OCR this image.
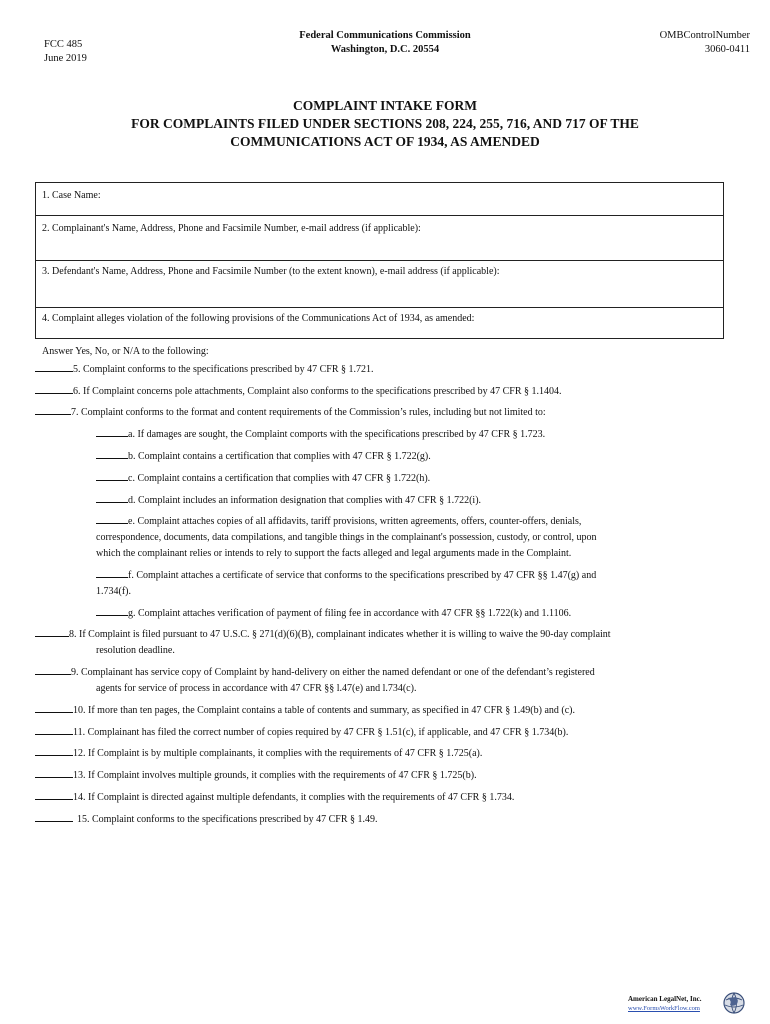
FCC 485
June 2019
Federal Communications Commission
Washington, D.C. 20554
OMBControlNumber
3060-0411
COMPLAINT INTAKE FORM
FOR COMPLAINTS FILED UNDER SECTIONS 208, 224, 255, 716, AND 717 OF THE
COMMUNICATIONS ACT OF 1934, AS AMENDED
1. Case Name:
2. Complainant's Name, Address, Phone and Facsimile Number, e-mail address (if applicable):
3. Defendant's Name, Address, Phone and Facsimile Number (to the extent known), e-mail address (if applicable):
4. Complaint alleges violation of the following provisions of the Communications Act of 1934, as amended:
Answer Yes, No, or N/A to the following:
5. Complaint conforms to the specifications prescribed by 47 CFR § 1.721.
6. If Complaint concerns pole attachments, Complaint also conforms to the specifications prescribed by 47 CFR § 1.1404.
7. Complaint conforms to the format and content requirements of the Commission’s rules, including but not limited to:
a. If damages are sought, the Complaint comports with the specifications prescribed by 47 CFR § 1.723.
b. Complaint contains a certification that complies with 47 CFR § 1.722(g).
c. Complaint contains a certification that complies with 47 CFR § 1.722(h).
d. Complaint includes an information designation that complies with 47 CFR § 1.722(i).
e. Complaint attaches copies of all affidavits, tariff provisions, written agreements, offers, counter-offers, denials,
correspondence, documents, data compilations, and tangible things in the complainant's possession, custody, or control, upon
which the complainant relies or intends to rely to support the facts alleged and legal arguments made in the Complaint.
f. Complaint attaches a certificate of service that conforms to the specifications prescribed by 47 CFR §§ 1.47(g) and
1.734(f).
g. Complaint attaches verification of payment of filing fee in accordance with 47 CFR §§ 1.722(k) and 1.1106.
8. If Complaint is filed pursuant to 47 U.S.C. § 271(d)(6)(B), complainant indicates whether it is willing to waive the 90-day complaint
resolution deadline.
9. Complainant has service copy of Complaint by hand-delivery on either the named defendant or one of the defendant’s registered
agents for service of process in accordance with 47 CFR §§ l.47(e) and l.734(c).
10. If more than ten pages, the Complaint contains a table of contents and summary, as specified in 47 CFR § 1.49(b) and (c).
11. Complainant has filed the correct number of copies required by 47 CFR § 1.51(c), if applicable, and 47 CFR § 1.734(b).
12. If Complaint is by multiple complainants, it complies with the requirements of 47 CFR § 1.725(a).
13. If Complaint involves multiple grounds, it complies with the requirements of 47 CFR § 1.725(b).
14. If Complaint is directed against multiple defendants, it complies with the requirements of 47 CFR § 1.734.
15. Complaint conforms to the specifications prescribed by 47 CFR § 1.49.
American LegalNet, Inc.
www.FormsWorkFlow.com
